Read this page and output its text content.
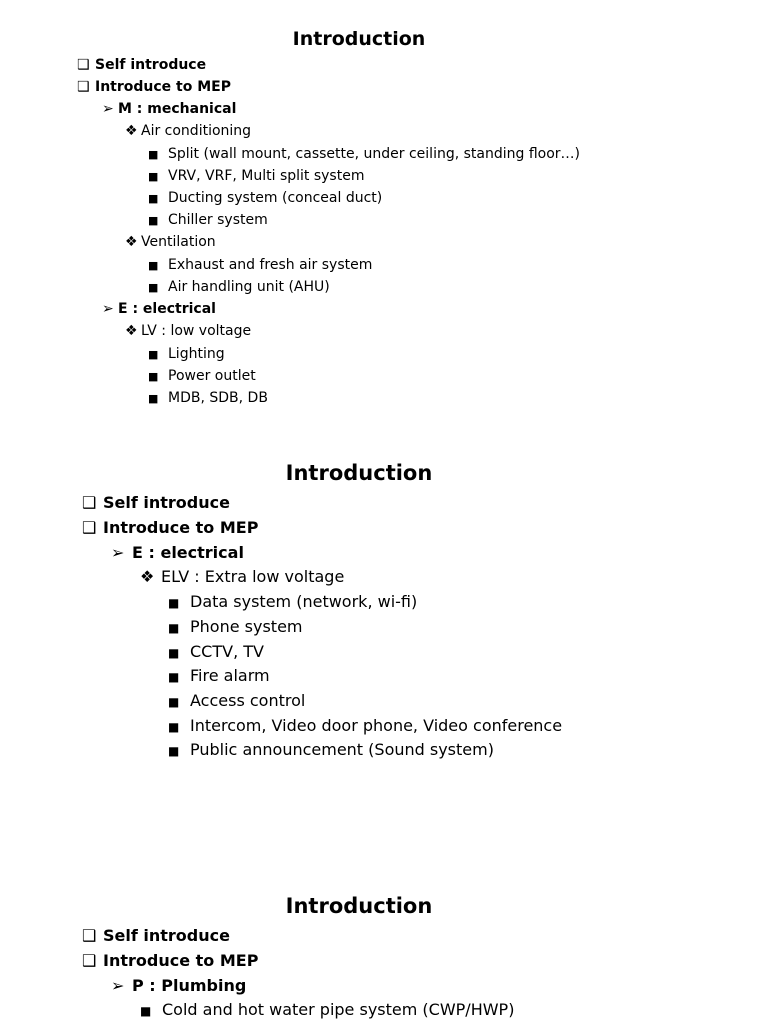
Introduction
❑ Self introduce
❑ Introduce to MEP
➢ M : mechanical
❖ Air conditioning
■ Split (wall mount, cassette, under ceiling, standing floor…)
■ VRV, VRF, Multi split system
■ Ducting system (conceal duct)
■ Chiller system
❖ Ventilation
■ Exhaust and fresh air system
■ Air handling unit (AHU)
➢ E : electrical
❖ LV : low voltage
■ Lighting
■ Power outlet
■ MDB, SDB, DB
Introduction
❑ Self introduce
❑ Introduce to MEP
➢ E : electrical
❖ ELV : Extra low voltage
■ Data system (network, wi-fi)
■ Phone system
■ CCTV, TV
■ Fire alarm
■ Access control
■ Intercom, Video door phone, Video conference
■ Public announcement (Sound system)
Introduction
❑ Self introduce
❑ Introduce to MEP
➢ P : Plumbing
■ Cold and hot water pipe system (CWP/HWP)
